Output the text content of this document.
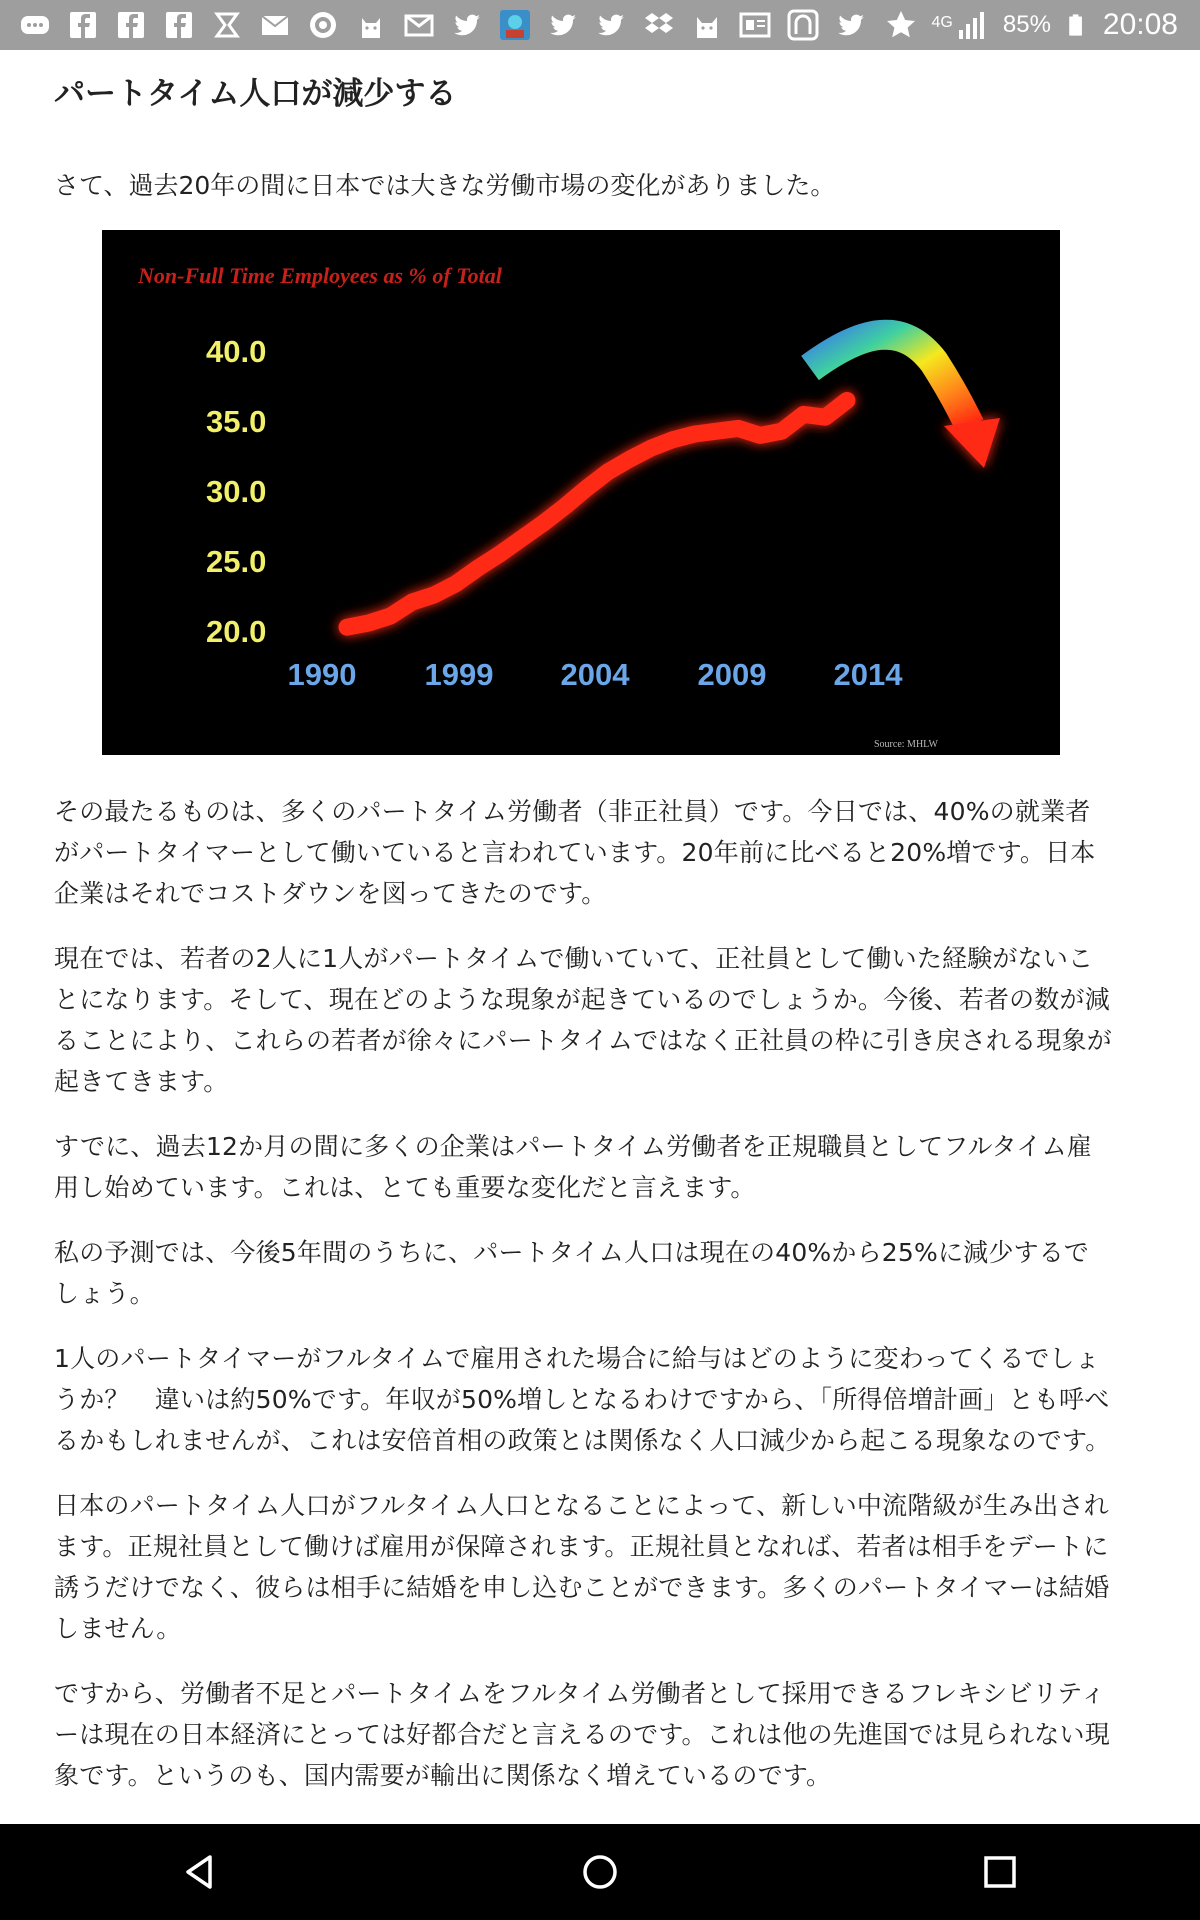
4G 85% 20:08
パートタイム人口が減少する

さて、過去20年の間に日本では大きな労働市場の変化がありました。

Non-Full Time Employees as % of Total
40.0
35.0
30.0
25.0
20.0
1990 1999 2004 2009 2014
Source: MHLW

その最たるものは、多くのパートタイム労働者（非正社員）です。今日では、40%の就業者がパートタイマーとして働いていると言われています。20年前に比べると20%増です。日本企業はそれでコストダウンを図ってきたのです。

現在では、若者の2人に1人がパートタイムで働いていて、正社員として働いた経験がないことになります。そして、現在どのような現象が起きているのでしょうか。今後、若者の数が減ることにより、これらの若者が徐々にパートタイムではなく正社員の枠に引き戻される現象が起きてきます。

すでに、過去12か月の間に多くの企業はパートタイム労働者を正規職員としてフルタイム雇用し始めています。これは、とても重要な変化だと言えます。

私の予測では、今後5年間のうちに、パートタイム人口は現在の40%から25%に減少するでしょう。

1人のパートタイマーがフルタイムで雇用された場合に給与はどのように変わってくるでしょうか？　違いは約50%です。年収が50%増しとなるわけですから、「所得倍増計画」とも呼べるかもしれませんが、これは安倍首相の政策とは関係なく人口減少から起こる現象なのです。

日本のパートタイム人口がフルタイム人口となることによって、新しい中流階級が生み出されます。正規社員として働けば雇用が保障されます。正規社員となれば、若者は相手をデートに誘うだけでなく、彼らは相手に結婚を申し込むことができます。多くのパートタイマーは結婚しません。

ですから、労働者不足とパートタイムをフルタイム労働者として採用できるフレキシビリティーは現在の日本経済にとっては好都合だと言えるのです。これは他の先進国では見られない現象です。というのも、国内需要が輸出に関係なく増えているのです。
